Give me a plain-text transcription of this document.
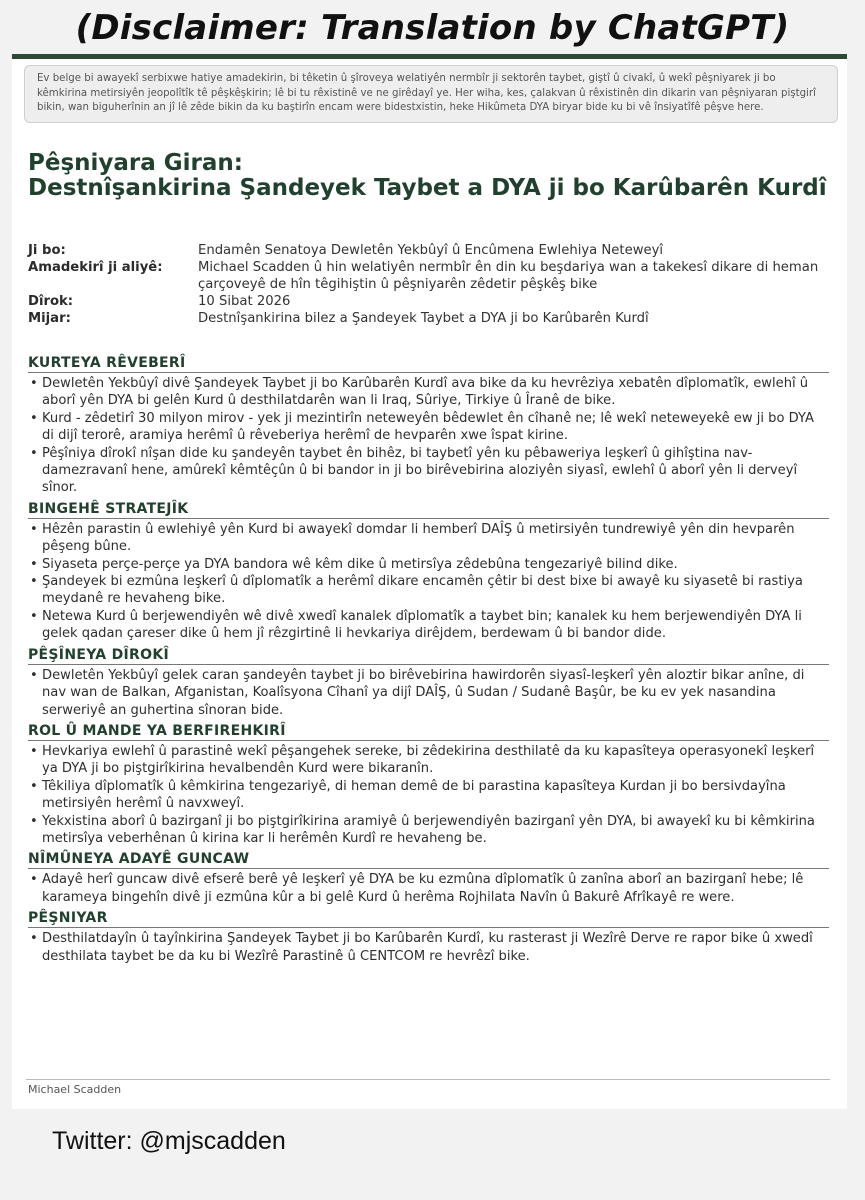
(Disclaimer: Translation by ChatGPT)
Ev belge bi awayekî serbixwe hatiye amadekirin, bi têketin û şîroveya welatiyên nermbîr ji sektorên taybet, giştî û civakî, û wekî pêşniyarek ji bo kêmkirina metirsiyên jeopolîtîk tê pêşkêşkirin; lê bi tu rêxistinê ve ne girêdayî ye. Her wiha, kes, çalakvan û rêxistinên din dikarin van pêşniyaran piştgirî bikin, wan biguherînin an jî lê zêde bikin da ku baştirîn encam were bidestxistin, heke Hikûmeta DYA biryar bide ku bi vê însiyatîfê pêşve here.
Pêşniyara Giran:
Destnîşankirina Şandeyek Taybet a DYA ji bo Karûbarên Kurdî
Ji bo:	Endamên Senatoya Dewletên Yekbûyî û Encûmena Ewlehiya Neteweyî
Amadekirî ji aliyê:	Michael Scadden û hin welatiyên nermbîr ên din ku beşdariya wan a takekesî dikare di heman çarçoveyê de hîn têgihiştin û pêşniyarên zêdetir pêşkêş bike
Dîrok:	10 Sibat 2026
Mijar:	Destnîşankirina bilez a Şandeyek Taybet a DYA ji bo Karûbarên Kurdî
KURTEYA RÊVEBERÎ
• Dewletên Yekbûyî divê Şandeyek Taybet ji bo Karûbarên Kurdî ava bike da ku hevrêziya xebatên dîplomatîk, ewlehî û aborî yên DYA bi gelên Kurd û desthilatdarên wan li Iraq, Sûriye, Tirkiye û Îranê de bike.
• Kurd - zêdetirî 30 milyon mirov - yek ji mezintirîn neteweyên bêdewlet ên cîhanê ne; lê wekî neteweyekê ew ji bo DYA di dijî terorê, aramiya herêmî û rêveberiya herêmî de hevparên xwe îspat kirine.
• Pêşîniya dîrokî nîşan dide ku şandeyên taybet ên bihêz, bi taybetî yên ku pêbaweriya leşkerî û gihîştina nav-damezravanî hene, amûrekî kêmtêçûn û bi bandor in ji bo birêvebirina aloziyên siyasî, ewlehî û aborî yên li derveyî sînor.
BINGEHÊ STRATEJÎK
• Hêzên parastin û ewlehiyê yên Kurd bi awayekî domdar li hemberî DAÎŞ û metirsiyên tundrewiyê yên din hevparên pêşeng bûne.
• Siyaseta perçe-perçe ya DYA bandora wê kêm dike û metirsîya zêdebûna tengezariyê bilind dike.
• Şandeyek bi ezmûna leşkerî û dîplomatîk a herêmî dikare encamên çêtir bi dest bixe bi awayê ku siyasetê bi rastiya meydanê re hevaheng bike.
• Netewa Kurd û berjewendiyên wê divê xwedî kanalek dîplomatîk a taybet bin; kanalek ku hem berjewendiyên DYA li gelek qadan çareser dike û hem jî rêzgirtinê li hevkariya dirêjdem, berdewam û bi bandor dide.
PÊŞÎNEYA DÎROKÎ
• Dewletên Yekbûyî gelek caran şandeyên taybet ji bo birêvebirina hawirdorên siyasî-leşkerî yên aloztir bikar anîne, di nav wan de Balkan, Afganistan, Koalîsyona Cîhanî ya dijî DAÎŞ, û Sudan / Sudanê Başûr, be ku ev yek nasandina serweriyê an guhertina sînoran bide.
ROL Û MANDE YA BERFIREHKIRÎ
• Hevkariya ewlehî û parastinê wekî pêşangehek sereke, bi zêdekirina desthilatê da ku kapasîteya operasyonekî leşkerî ya DYA ji bo piştgirîkirina hevalbendên Kurd were bikaranîn.
• Têkiliya dîplomatîk û kêmkirina tengezariyê, di heman demê de bi parastina kapasîteya Kurdan ji bo bersivdayîna metirsiyên herêmî û navxweyî.
• Yekxistina aborî û bazirganî ji bo piştgirîkirina aramiyê û berjewendiyên bazirganî yên DYA, bi awayekî ku bi kêmkirina metirsîya veberhênan û kirina kar li herêmên Kurdî re hevaheng be.
NÎMÛNEYA ADAYÊ GUNCAW
• Adayê herî guncaw divê efserê berê yê leşkerî yê DYA be ku ezmûna dîplomatîk û zanîna aborî an bazirganî hebe; lê karameya bingehîn divê ji ezmûna kûr a bi gelê Kurd û herêma Rojhilata Navîn û Bakurê Afrîkayê re were.
PÊŞNIYAR
• Desthilatdayîn û tayînkirina Şandeyek Taybet ji bo Karûbarên Kurdî, ku rasterast ji Wezîrê Derve re rapor bike û xwedî desthilata taybet be da ku bi Wezîrê Parastinê û CENTCOM re hevrêzî bike.
Michael Scadden
Twitter: @mjscadden
